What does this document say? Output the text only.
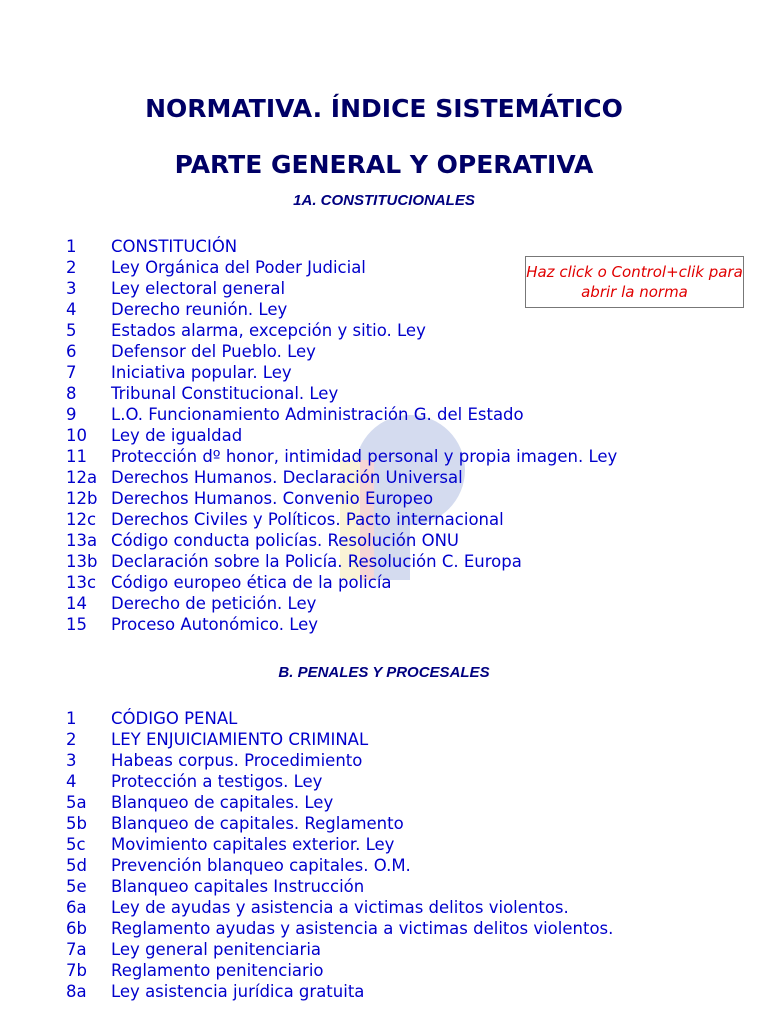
NORMATIVA. ÍNDICE SISTEMÁTICO
PARTE GENERAL Y OPERATIVA
1A. CONSTITUCIONALES
1 CONSTITUCIÓN
2 Ley Orgánica del Poder Judicial
3 Ley electoral general
4 Derecho reunión. Ley
5 Estados alarma, excepción y sitio. Ley
6 Defensor del Pueblo. Ley
7 Iniciativa popular. Ley
8 Tribunal Constitucional. Ley
9 L.O. Funcionamiento Administración G. del Estado
10 Ley de igualdad
11 Protección dº honor, intimidad personal y propia imagen. Ley
12a Derechos Humanos. Declaración Universal
12b Derechos Humanos. Convenio Europeo
12c Derechos Civiles y Políticos. Pacto internacional
13a Código conducta policías. Resolución ONU
13b Declaración sobre la Policía. Resolución C. Europa
13c Código europeo ética de la policía
14 Derecho de petición. Ley
15 Proceso Autonómico. Ley
Haz click o Control+clik para abrir la norma
B. PENALES Y PROCESALES
1 CÓDIGO PENAL
2 LEY ENJUICIAMIENTO CRIMINAL
3 Habeas corpus. Procedimiento
4 Protección a testigos. Ley
5a Blanqueo de capitales. Ley
5b Blanqueo de capitales. Reglamento
5c Movimiento capitales exterior. Ley
5d Prevención blanqueo capitales. O.M.
5e Blanqueo capitales Instrucción
6a Ley de ayudas y asistencia a victimas delitos violentos.
6b Reglamento ayudas y asistencia a victimas delitos violentos.
7a Ley general penitenciaria
7b Reglamento penitenciario
8a Ley asistencia jurídica gratuita
